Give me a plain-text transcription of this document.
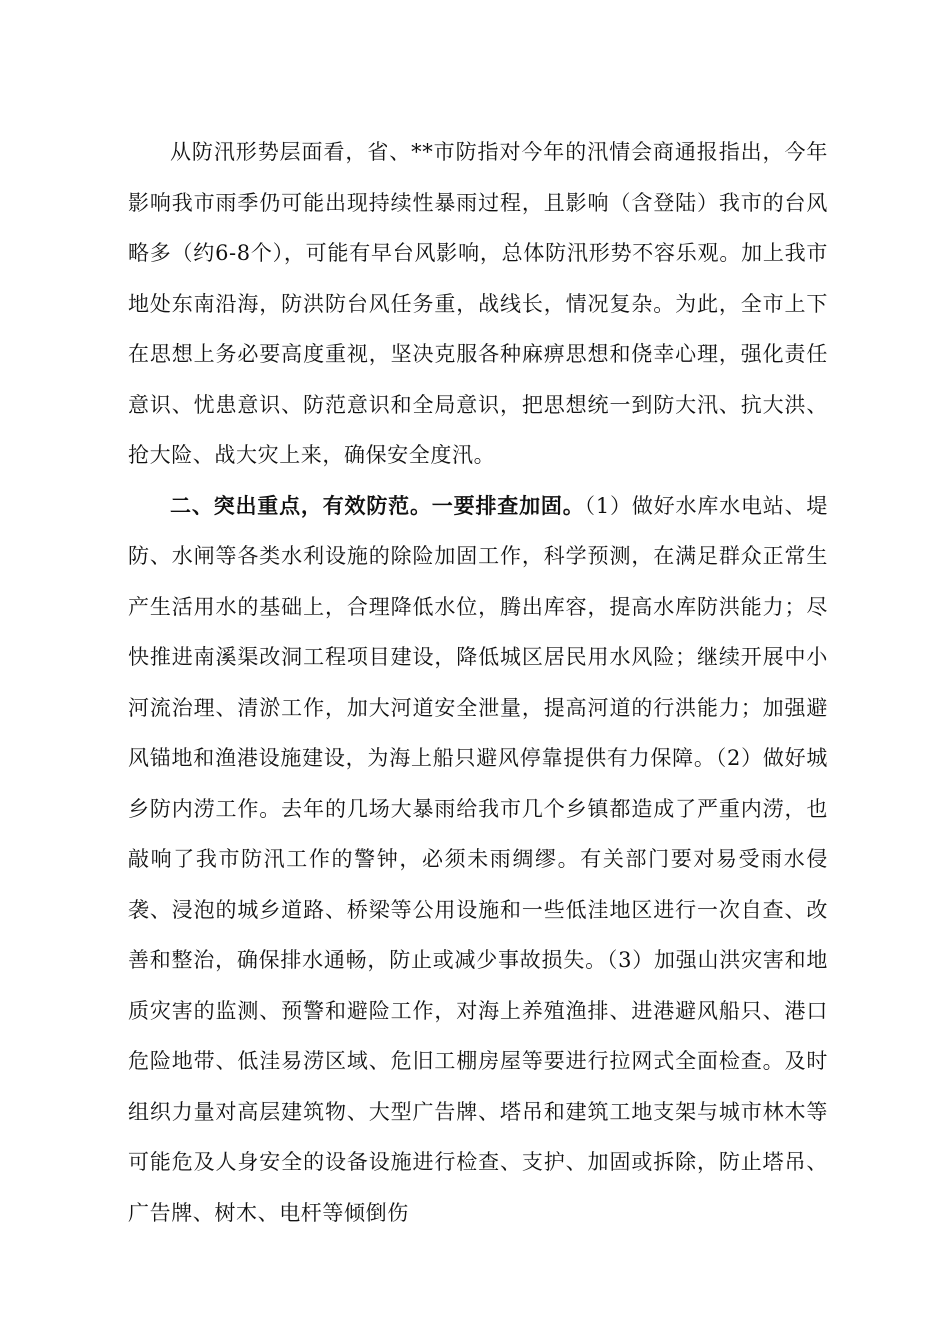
从防汛形势层面看，省、**市防指对今年的汛情会商通报指出，今年影响我市雨季仍可能出现持续性暴雨过程，且影响（含登陆）我市的台风略多（约6-8个），可能有早台风影响，总体防汛形势不容乐观。加上我市地处东南沿海，防洪防台风任务重，战线长，情况复杂。为此，全市上下在思想上务必要高度重视，坚决克服各种麻痹思想和侥幸心理，强化责任意识、忧患意识、防范意识和全局意识，把思想统一到防大汛、抗大洪、抢大险、战大灾上来，确保安全度汛。

二、突出重点，有效防范。一要排查加固。（1）做好水库水电站、堤防、水闸等各类水利设施的除险加固工作，科学预测，在满足群众正常生产生活用水的基础上，合理降低水位，腾出库容，提高水库防洪能力；尽快推进南溪渠改洞工程项目建设，降低城区居民用水风险；继续开展中小河流治理、清淤工作，加大河道安全泄量，提高河道的行洪能力；加强避风锚地和渔港设施建设，为海上船只避风停靠提供有力保障。（2）做好城乡防内涝工作。去年的几场大暴雨给我市几个乡镇都造成了严重内涝，也敲响了我市防汛工作的警钟，必须未雨绸缪。有关部门要对易受雨水侵袭、浸泡的城乡道路、桥梁等公用设施和一些低洼地区进行一次自查、改善和整治，确保排水通畅，防止或减少事故损失。（3）加强山洪灾害和地质灾害的监测、预警和避险工作，对海上养殖渔排、进港避风船只、港口危险地带、低洼易涝区域、危旧工棚房屋等要进行拉网式全面检查。及时组织力量对高层建筑物、大型广告牌、塔吊和建筑工地支架与城市林木等可能危及人身安全的设备设施进行检查、支护、加固或拆除，防止塔吊、广告牌、树木、电杆等倾倒伤
